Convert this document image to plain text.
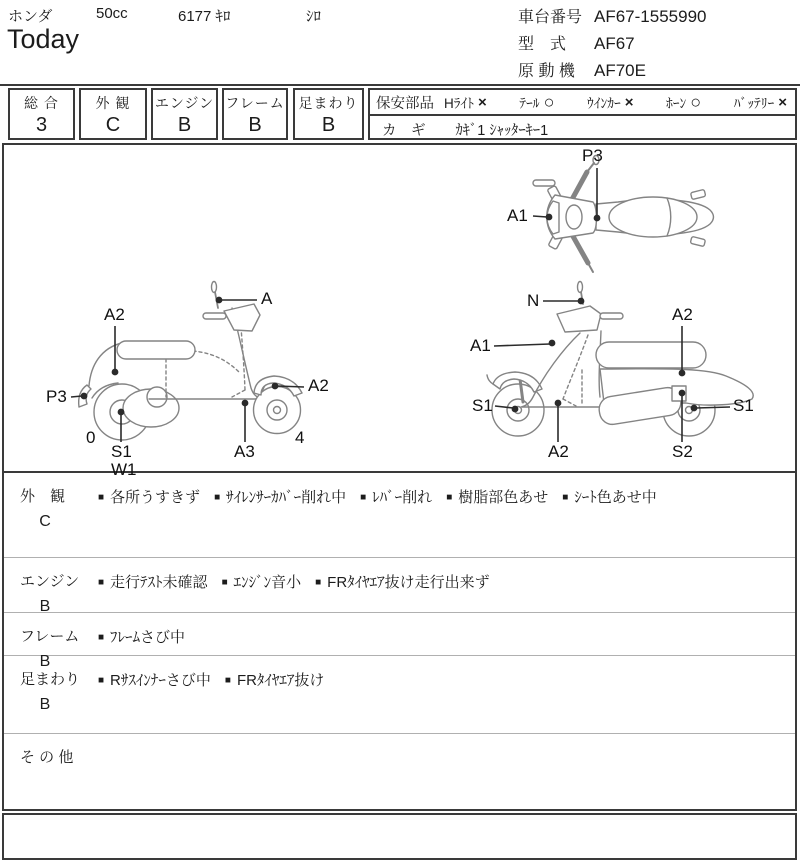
ホンダ	50cc	6177 ｷﾛ	ｼﾛ
Today
車台番号 AF67-1555990
型　式 AF67
原 動 機 AF70E
総 合
3
外 観
C
エンジン
B
フレーム
B
足まわり
B
保安部品 Hﾗｲﾄ × ﾃｰﾙ ○ ｳｲﾝｶｰ × ﾎｰﾝ ○ ﾊﾞｯﾃﾘｰ ×
カ　ギ ｶｷﾞ1 ｼｬｯﾀｰｷｰ1
P3
A1
A2
A
P3
0
S1
W1
A3
4
A2
N
A1
A2
S1
A2	S2
S1
外　観
C
■ 各所うすきず ■ ｻｲﾚﾝｻｰｶﾊﾞｰ削れ中 ■ ﾚﾊﾞｰ削れ ■ 樹脂部色あせ ■ ｼｰﾄ色あせ中
エンジン
B
■ 走行ﾃｽﾄ未確認 ■ ｴﾝｼﾞﾝ音小 ■ FRﾀｲﾔｴｱ抜け走行出来ず
フレーム
B
■ ﾌﾚｰﾑさび中
足まわり
B
■ Rｻｽｲﾝﾅｰさび中 ■ FRﾀｲﾔｴｱ抜け
そ の 他
